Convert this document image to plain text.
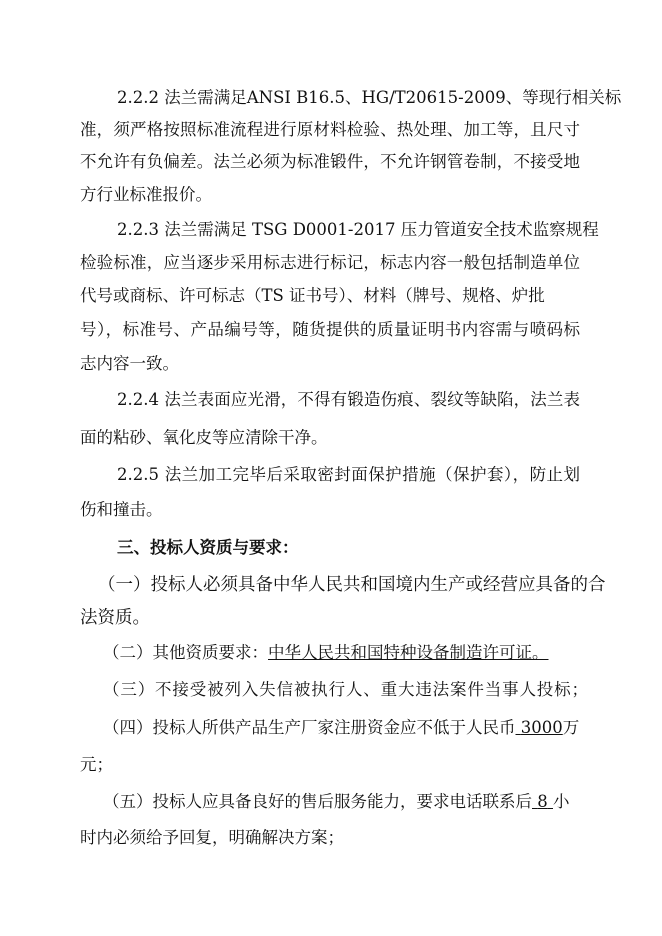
2.2.2 法兰需满足ANSI B16.5、HG/T20615-2009、等现行相关标
准，须严格按照标准流程进行原材料检验、热处理、加工等，且尺寸
不允许有负偏差。法兰必须为标准锻件，不允许钢管卷制，不接受地
方行业标准报价。
2.2.3 法兰需满足 TSG D0001-2017 压力管道安全技术监察规程
检验标准，应当逐步采用标志进行标记，标志内容一般包括制造单位
代号或商标、许可标志（TS 证书号）、材料（牌号、规格、炉批
号），标准号、产品编号等，随货提供的质量证明书内容需与喷码标
志内容一致。
2.2.4 法兰表面应光滑，不得有锻造伤痕、裂纹等缺陷，法兰表
面的粘砂、氧化皮等应清除干净。
2.2.5 法兰加工完毕后采取密封面保护措施（保护套），防止划
伤和撞击。
三、投标人资质与要求：
（一）投标人必须具备中华人民共和国境内生产或经营应具备的合
法资质。
（二）其他资质要求：中华人民共和国特种设备制造许可证。
（三）不接受被列入失信被执行人、重大违法案件当事人投标；
（四）投标人所供产品生产厂家注册资金应不低于人民币 3000万
元；
（五）投标人应具备良好的售后服务能力，要求电话联系后 8 小
时内必须给予回复，明确解决方案；
